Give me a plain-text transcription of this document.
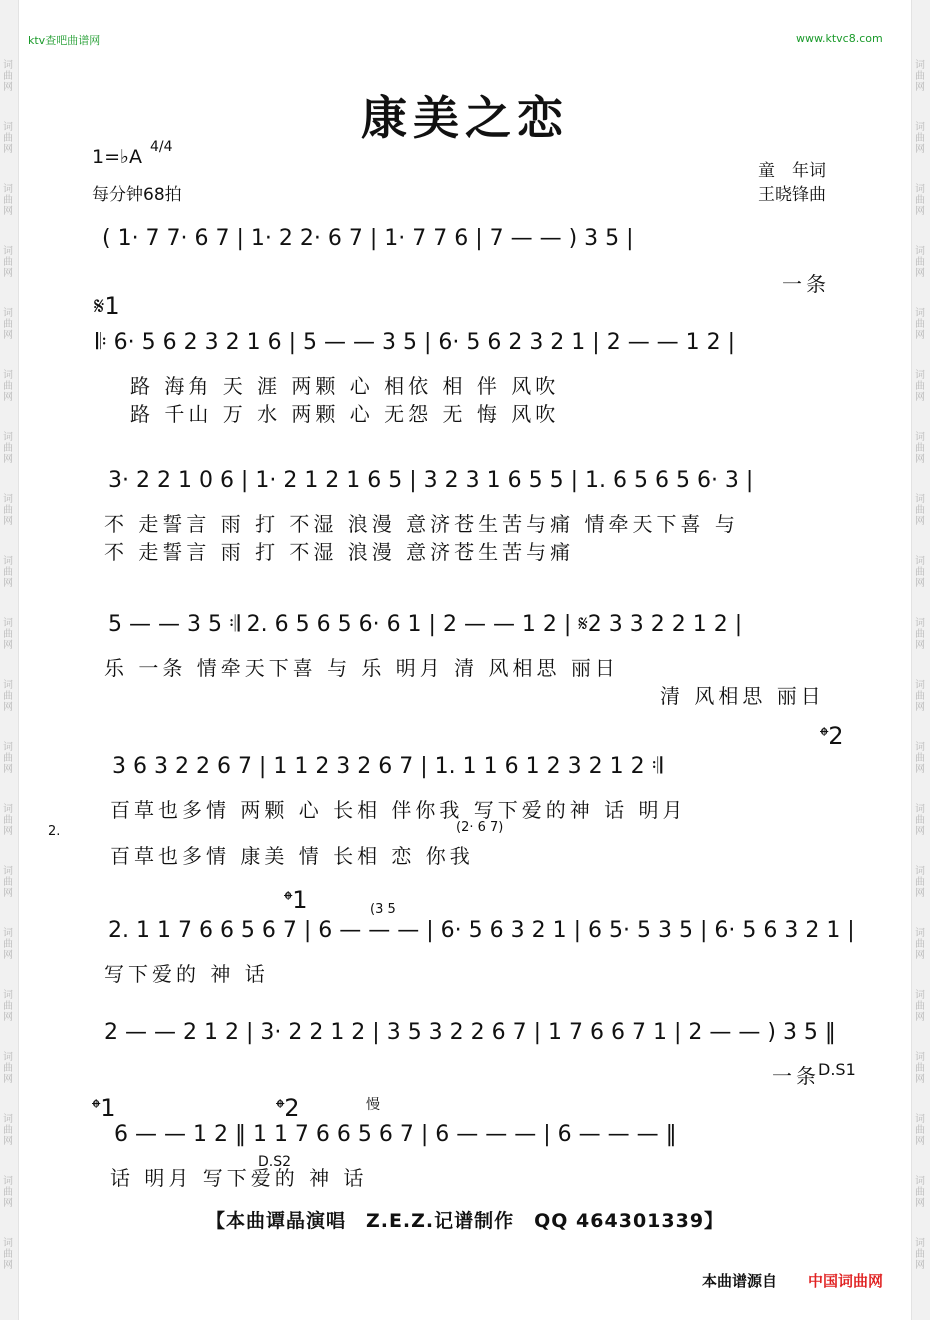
词曲网
词曲网
词曲网
词曲网
词曲网
词曲网
词曲网
词曲网
词曲网
词曲网
词曲网
词曲网
词曲网
词曲网
词曲网
词曲网
词曲网
词曲网
词曲网
词曲网
词曲网
词曲网
词曲网
词曲网
词曲网
词曲网
词曲网
词曲网
词曲网
词曲网
词曲网
词曲网
词曲网
词曲网
词曲网
词曲网
词曲网
词曲网
词曲网
词曲网
ktv查吧曲谱网	www.ktvc8.com
康美之恋
1=♭A 4/4
每分钟68拍
童　年词
王晓锋曲
( 1· 7 7· 6 7 | 1· 2 2· 6 7 | 1· 7 7 6 | 7 — — ) 3 5 |
一条
𝄋1
𝄆 6· 5 6 2 3 2 1 6 | 5 — — 3 5 | 6· 5 6 2 3 2 1 | 2 — — 1 2 |
路 海角 天 涯 两颗 心 相依 相 伴 风吹
路 千山 万 水 两颗 心 无怨 无 悔 风吹
3· 2 2 1 0 6 | 1· 2 1 2 1 6 5 | 3 2 3 1 6 5 5 | 1. 6 5 6 5 6· 3 |
不 走誓言 雨 打 不湿 浪漫 意济苍生苦与痛 情牵天下喜 与
不 走誓言 雨 打 不湿 浪漫 意济苍生苦与痛
5 — — 3 5 𝄇 2. 6 5 6 5 6· 6 1 | 2 — — 1 2 | 𝄋2 3 3 2 2 1 2 |
乐 一条 情牵天下喜 与 乐 明月 清 风相思 丽日
清 风相思 丽日
𝄌2
3 6 3 2 2 6 7 | 1 1 2 3 2 6 7 | 1. 1 1 6 1 2 3 2 1 2 𝄇
百草也多情 两颗 心 长相 伴你我 写下爱的神 话 明月
2.	(2· 6 7)
百草也多情 康美 情 长相 恋 你我
𝄌1	(3 5
2. 1 1 7 6 6 5 6 7 | 6 — — — | 6· 5 6 3 2 1 | 6 5· 5 3 5 | 6· 5 6 3 2 1 |
写下爱的 神 话
2 — — 2 1 2 | 3· 2 2 1 2 | 3 5 3 2 2 6 7 | 1 7 6 6 7 1 | 2 — — ) 3 5 ‖
一条
D.S1
𝄌1	𝄌2	慢
6 — — 1 2 ‖ 1 1 7 6 6 5 6 7 | 6 — — — | 6 — — — ‖
话 明月 写下爱的 神 话
D.S2
【本曲谭晶演唱　Z.E.Z.记谱制作　QQ 464301339】
本曲谱源自 中国词曲网
